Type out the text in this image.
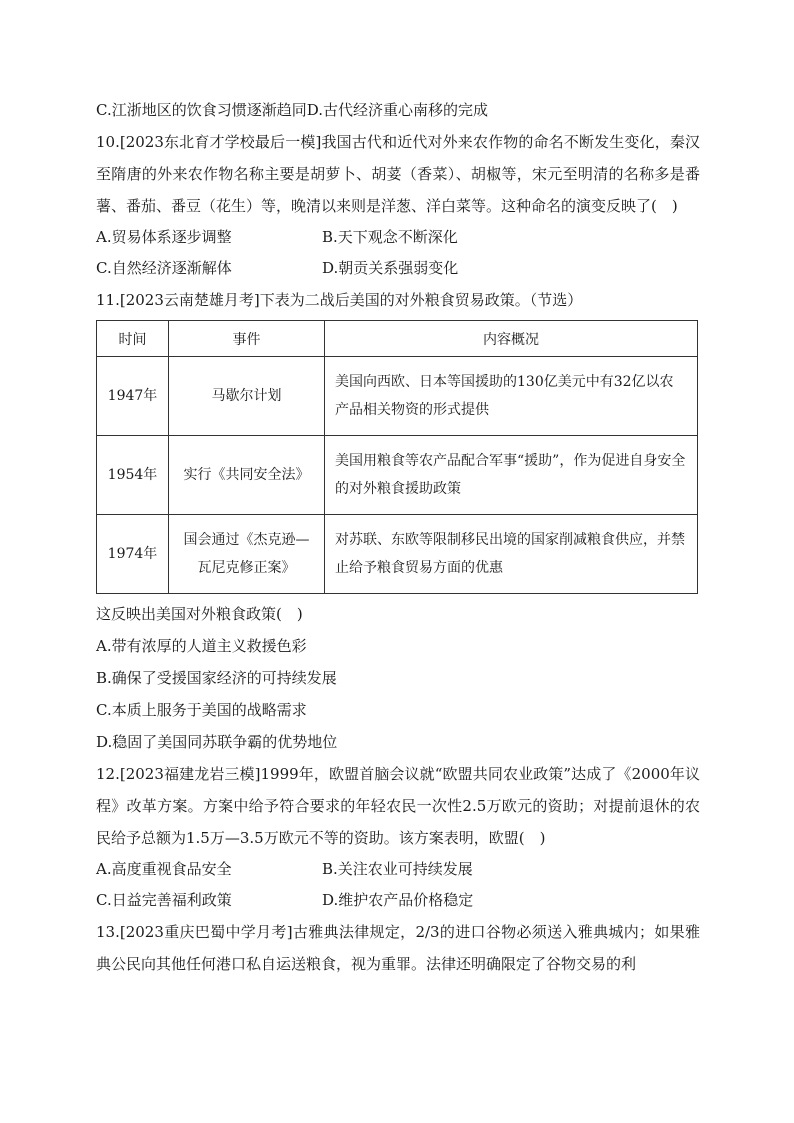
C.江浙地区的饮食习惯逐渐趋同D.古代经济重心南移的完成
10.[2023东北育才学校最后一模]我国古代和近代对外来农作物的命名不断发生变化，秦汉至隋唐的外来农作物名称主要是胡萝卜、胡荽（香菜）、胡椒等，宋元至明清的名称多是番薯、番茄、番豆（花生）等，晚清以来则是洋葱、洋白菜等。这种命名的演变反映了(　)
A.贸易体系逐步调整	B.天下观念不断深化
C.自然经济逐渐解体	D.朝贡关系强弱变化
11.[2023云南楚雄月考]下表为二战后美国的对外粮食贸易政策。（节选）
时间	事件	内容概况
1947年	马歇尔计划	美国向西欧、日本等国援助的130亿美元中有32亿以农产品相关物资的形式提供
1954年	实行《共同安全法》	美国用粮食等农产品配合军事“援助”，作为促进自身安全的对外粮食援助政策
1974年	国会通过《杰克逊—瓦尼克修正案》	对苏联、东欧等限制移民出境的国家削减粮食供应，并禁止给予粮食贸易方面的优惠
这反映出美国对外粮食政策(　)
A.带有浓厚的人道主义救援色彩
B.确保了受援国家经济的可持续发展
C.本质上服务于美国的战略需求
D.稳固了美国同苏联争霸的优势地位
12.[2023福建龙岩三模]1999年，欧盟首脑会议就“欧盟共同农业政策”达成了《2000年议程》改革方案。方案中给予符合要求的年轻农民一次性2.5万欧元的资助；对提前退休的农民给予总额为1.5万—3.5万欧元不等的资助。该方案表明，欧盟(　)
A.高度重视食品安全	B.关注农业可持续发展
C.日益完善福利政策	D.维护农产品价格稳定
13.[2023重庆巴蜀中学月考]古雅典法律规定，2/3的进口谷物必须送入雅典城内；如果雅典公民向其他任何港口私自运送粮食，视为重罪。法律还明确限定了谷物交易的利
